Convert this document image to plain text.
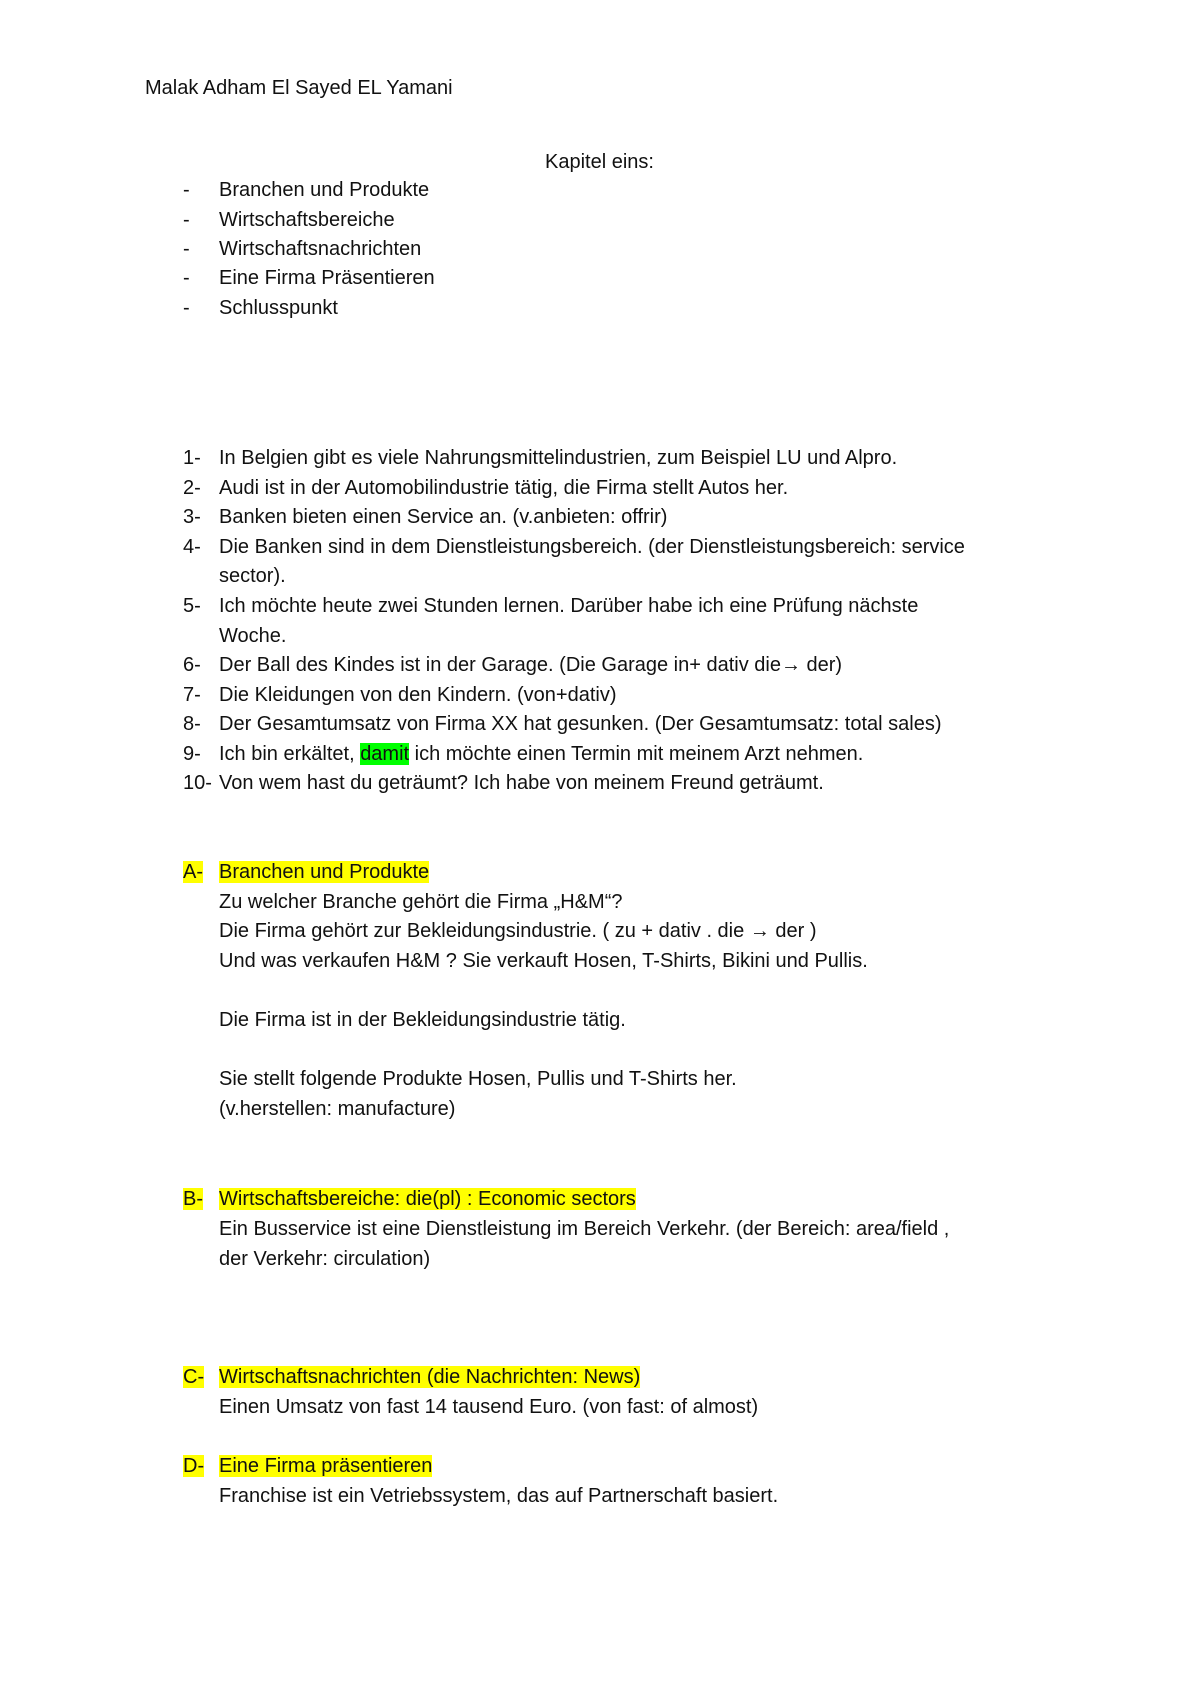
Malak Adham El Sayed EL Yamani
Kapitel eins:
-	Branchen und Produkte
-	Wirtschaftsbereiche
-	Wirtschaftsnachrichten
-	Eine Firma Präsentieren
-	Schlusspunkt
1- In Belgien gibt es viele Nahrungsmittelindustrien, zum Beispiel LU und Alpro.
2- Audi ist in der Automobilindustrie tätig, die Firma stellt Autos her.
3- Banken bieten einen Service an. (v.anbieten: offrir)
4- Die Banken sind in dem Dienstleistungsbereich. (der Dienstleistungsbereich: service
sector).
5- Ich möchte heute zwei Stunden lernen. Darüber habe ich eine Prüfung nächste
Woche.
6- Der Ball des Kindes ist in der Garage. (Die Garage in+ dativ die→ der)
7- Die Kleidungen von den Kindern. (von+dativ)
8- Der Gesamtumsatz von Firma XX hat gesunken. (Der Gesamtumsatz: total sales)
9- Ich bin erkältet, damit ich möchte einen Termin mit meinem Arzt nehmen.
10- Von wem hast du geträumt? Ich habe von meinem Freund geträumt.
A- Branchen und Produkte
Zu welcher Branche gehört die Firma „H&M“?
Die Firma gehört zur Bekleidungsindustrie. ( zu + dativ . die → der )
Und was verkaufen H&M ? Sie verkauft Hosen, T-Shirts, Bikini und Pullis.
Die Firma ist in der Bekleidungsindustrie tätig.
Sie stellt folgende Produkte Hosen, Pullis und T-Shirts her.
(v.herstellen: manufacture)
B- Wirtschaftsbereiche: die(pl) : Economic sectors
Ein Busservice ist eine Dienstleistung im Bereich Verkehr. (der Bereich: area/field ,
der Verkehr: circulation)
C- Wirtschaftsnachrichten (die Nachrichten: News)
Einen Umsatz von fast 14 tausend Euro. (von fast: of almost)
D- Eine Firma präsentieren
Franchise ist ein Vetriebssystem, das auf Partnerschaft basiert.
